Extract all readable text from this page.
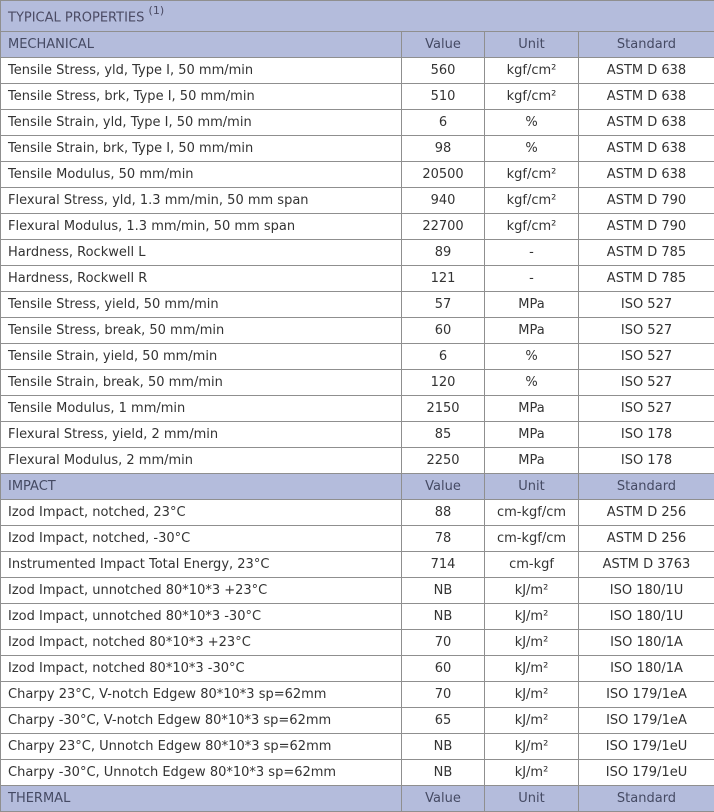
TYPICAL PROPERTIES $^{(1)}$
MECHANICAL	Value	Unit	Standard
Tensile Stress, yld, Type I, 50 mm/min	560	kgf/cm²	ASTM D 638
Tensile Stress, brk, Type I, 50 mm/min	510	kgf/cm²	ASTM D 638
Tensile Strain, yld, Type I, 50 mm/min	6	%	ASTM D 638
Tensile Strain, brk, Type I, 50 mm/min	98	%	ASTM D 638
Tensile Modulus, 50 mm/min	20500	kgf/cm²	ASTM D 638
Flexural Stress, yld, 1.3 mm/min, 50 mm span	940	kgf/cm²	ASTM D 790
Flexural Modulus, 1.3 mm/min, 50 mm span	22700	kgf/cm²	ASTM D 790
Hardness, Rockwell L	89	-	ASTM D 785
Hardness, Rockwell R	121	-	ASTM D 785
Tensile Stress, yield, 50 mm/min	57	MPa	ISO 527
Tensile Stress, break, 50 mm/min	60	MPa	ISO 527
Tensile Strain, yield, 50 mm/min	6	%	ISO 527
Tensile Strain, break, 50 mm/min	120	%	ISO 527
Tensile Modulus, 1 mm/min	2150	MPa	ISO 527
Flexural Stress, yield, 2 mm/min	85	MPa	ISO 178
Flexural Modulus, 2 mm/min	2250	MPa	ISO 178
IMPACT	Value	Unit	Standard
Izod Impact, notched, 23°C	88	cm-kgf/cm	ASTM D 256
Izod Impact, notched, -30°C	78	cm-kgf/cm	ASTM D 256
Instrumented Impact Total Energy, 23°C	714	cm-kgf	ASTM D 3763
Izod Impact, unnotched 80*10*3 +23°C	NB	kJ/m²	ISO 180/1U
Izod Impact, unnotched 80*10*3 -30°C	NB	kJ/m²	ISO 180/1U
Izod Impact, notched 80*10*3 +23°C	70	kJ/m²	ISO 180/1A
Izod Impact, notched 80*10*3 -30°C	60	kJ/m²	ISO 180/1A
Charpy 23°C, V-notch Edgew 80*10*3 sp=62mm	70	kJ/m²	ISO 179/1eA
Charpy -30°C, V-notch Edgew 80*10*3 sp=62mm	65	kJ/m²	ISO 179/1eA
Charpy 23°C, Unnotch Edgew 80*10*3 sp=62mm	NB	kJ/m²	ISO 179/1eU
Charpy -30°C, Unnotch Edgew 80*10*3 sp=62mm	NB	kJ/m²	ISO 179/1eU
THERMAL	Value	Unit	Standard
